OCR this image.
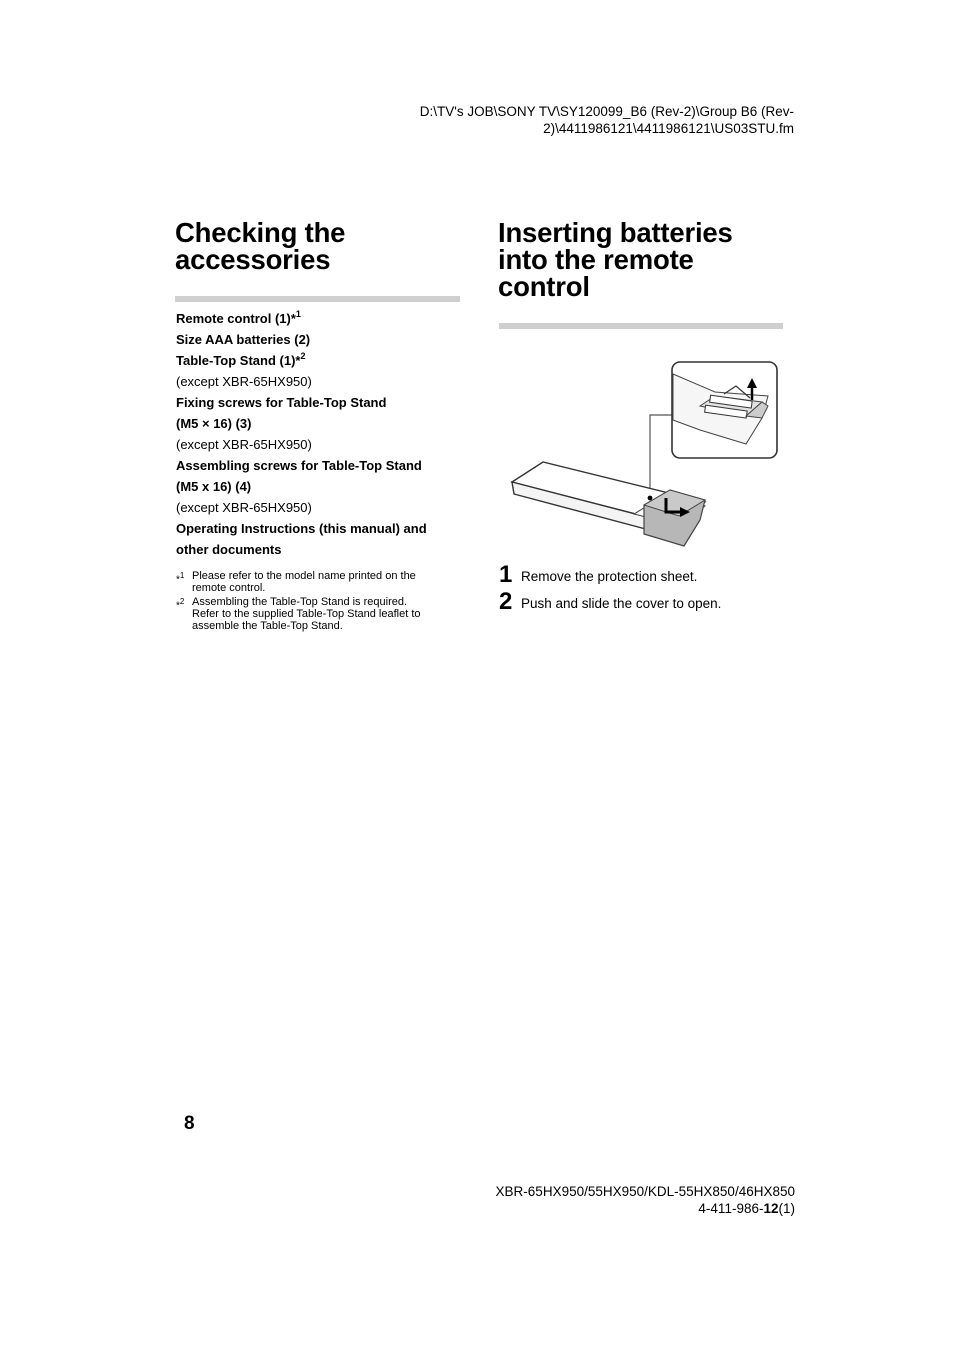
D:\TV's JOB\SONY TV\SY120099_B6 (Rev-2)\Group B6 (Rev-
2)\4411986121\4411986121\US03STU.fm
Checking the
accessories
Remote control (1)*$^1$
Size AAA batteries (2)
Table-Top Stand (1)*$^2$
(except XBR-65HX950)
Fixing screws for Table-Top Stand
(M5 × 16) (3)
(except XBR-65HX950)
Assembling screws for Table-Top Stand
(M5 x 16) (4)
(except XBR-65HX950)
Operating Instructions (this manual) and
other documents
*$^1$ Please refer to the model name printed on the
remote control.
*$^2$ Assembling the Table-Top Stand is required.
Refer to the supplied Table-Top Stand leaflet to
assemble the Table-Top Stand.
Inserting batteries
into the remote
control
1 Remove the protection sheet.
2 Push and slide the cover to open.
8
XBR-65HX950/55HX950/KDL-55HX850/46HX850
4-411-986-12(1)
